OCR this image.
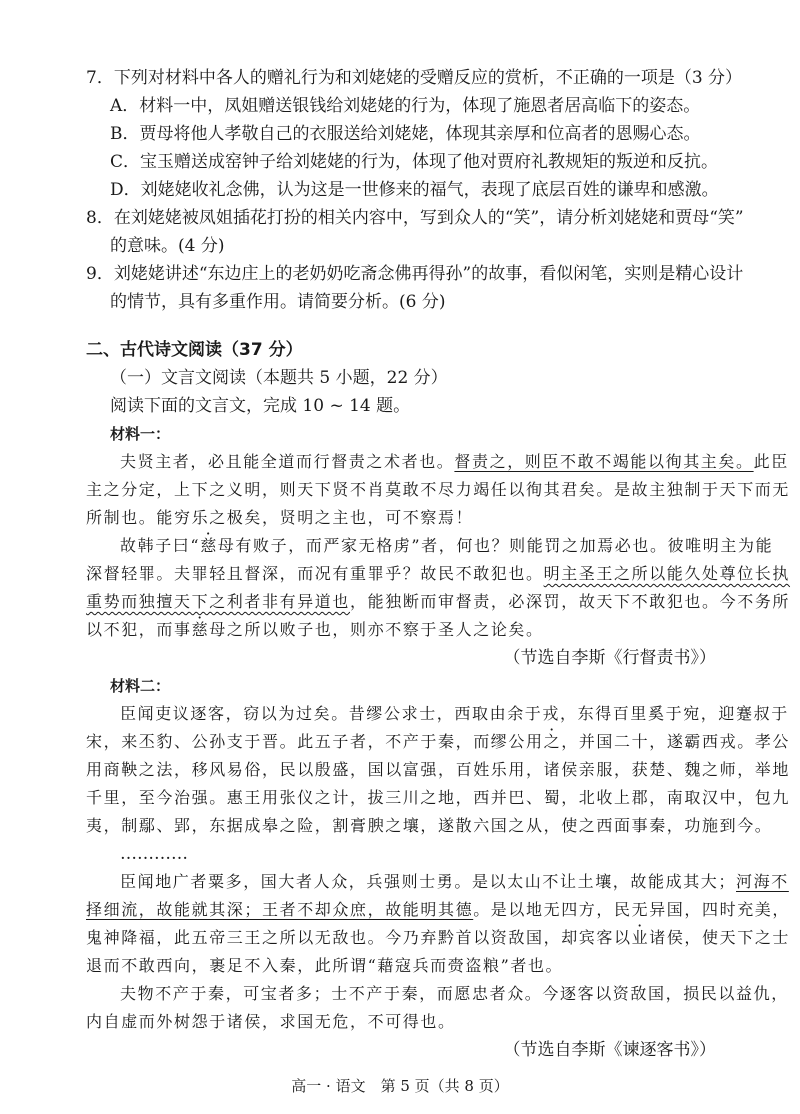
7．下列对材料中各人的赠礼行为和刘姥姥的受赠反应的赏析，不正确的一项是（3 分）
A．材料一中，凤姐赠送银钱给刘姥姥的行为，体现了施恩者居高临下的姿态。
B．贾母将他人孝敬自己的衣服送给刘姥姥，体现其亲厚和位高者的恩赐心态。
C．宝玉赠送成窑钟子给刘姥姥的行为，体现了他对贾府礼教规矩的叛逆和反抗。
D．刘姥姥收礼念佛，认为这是一世修来的福气，表现了底层百姓的谦卑和感激。
8．在刘姥姥被凤姐插花打扮的相关内容中，写到众人的“笑”，请分析刘姥姥和贾母“笑”
的意味。(4 分)
9．刘姥姥讲述“东边庄上的老奶奶吃斋念佛再得孙”的故事，看似闲笔，实则是精心设计
的情节，具有多重作用。请简要分析。(6 分)
二、古代诗文阅读（37 分）
（一）文言文阅读（本题共 5 小题，22 分）
阅读下面的文言文，完成 10 ~ 14 题。
材料一：
夫贤主者，必且能全道而行督责之术者也。督责之，则臣不敢不竭能以徇其主矣。此臣
主之分定，上下之义明，则天下贤不肖莫敢不尽力竭任以徇其君矣。是故主独制于天下而无
所制也。能穷乐之极矣，贤明之主也，可不察焉！
故韩子曰“慈母有败子，而严家无格虏”者，何也？则能罚之加焉必也。彼唯明主为能
深督轻罪。夫罪轻且督深，而况有重罪乎？故民不敢犯也。明主圣王之所以能久处尊位长执
重势而独擅天下之利者非有异道也，能独断而审督责，必深罚，故天下不敢犯也。今不务所
以不犯，而事慈母之所以败子也，则亦不察于圣人之论矣。
（节选自李斯《行督责书》）
材料二：
臣闻吏议逐客，窃以为过矣。昔缪公求士，西取由余于戎，东得百里奚于宛，迎蹇叔于
宋，来丕豹、公孙支于晋。此五子者，不产于秦，而缪公用之，并国二十，遂霸西戎。孝公
用商鞅之法，移风易俗，民以殷盛，国以富强，百姓乐用，诸侯亲服，获楚、魏之师，举地
千里，至今治强。惠王用张仪之计，拔三川之地，西并巴、蜀，北收上郡，南取汉中，包九
夷，制鄢、郢，东据成皋之险，割膏腴之壤，遂散六国之从，使之西面事秦，功施到今。
…………
臣闻地广者粟多，国大者人众，兵强则士勇。是以太山不让土壤，故能成其大；河海不
择细流，故能就其深；王者不却众庶，故能明其德。是以地无四方，民无异国，四时充美，
鬼神降福，此五帝三王之所以无敌也。今乃弃黔首以资敌国，却宾客以业诸侯，使天下之士
退而不敢西向，裹足不入秦，此所谓“藉寇兵而赍盗粮”者也。
夫物不产于秦，可宝者多；士不产于秦，而愿忠者众。今逐客以资敌国，损民以益仇，
内自虚而外树怨于诸侯，求国无危，不可得也。
（节选自李斯《谏逐客书》）
高一 · 语文　第 5 页（共 8 页）
